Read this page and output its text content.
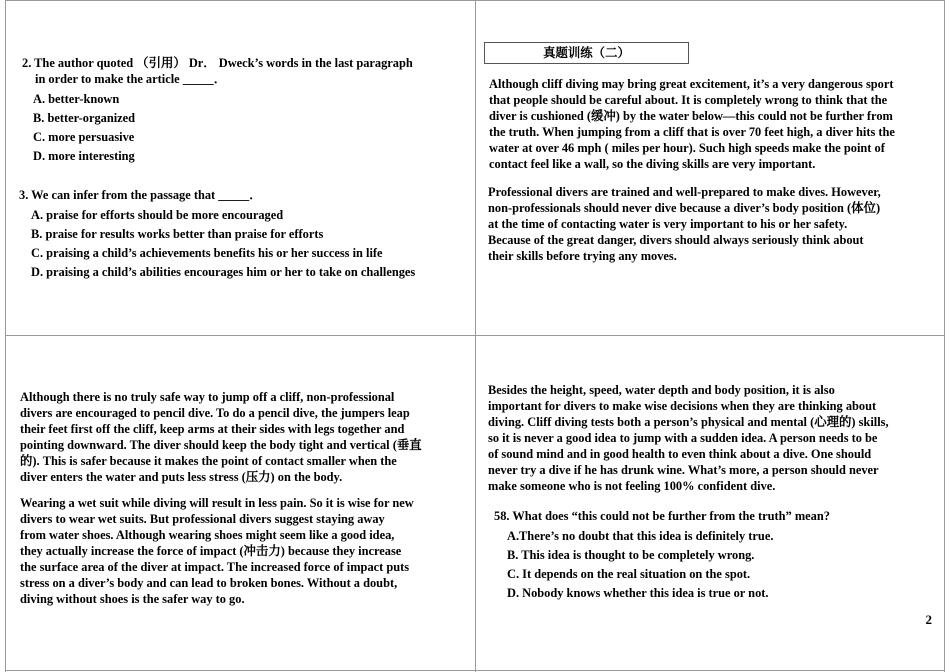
2. The author quoted （引用） Dr． Dweck’s words in the last paragraph
in order to make the article _____．
A. better-known
B. better-organized
C. more persuasive
D. more interesting
3. We can infer from the passage that _____．
A. praise for efforts should be more encouraged
B. praise for results works better than praise for efforts
C. praising a child’s achievements benefits his or her success in life
D. praising a child’s abilities encourages him or her to take on challenges
真题训练（二）
Although cliff diving may bring great excitement, it’s a very dangerous sport
that people should be careful about. It is completely wrong to think that the
diver is cushioned (缓冲) by the water below—this could not be further from
the truth. When jumping from a cliff that is over 70 feet high, a diver hits the
water at over 46 mph ( miles per hour). Such high speeds make the point of
contact feel like a wall, so the diving skills are very important.
Professional divers are trained and well-prepared to make dives. However,
non-professionals should never dive because a diver’s body position (体位)
at the time of contacting water is very important to his or her safety.
Because of the great danger, divers should always seriously think about
their skills before trying any moves.
Although there is no truly safe way to jump off a cliff, non-professional
divers are encouraged to pencil dive. To do a pencil dive, the jumpers leap
their feet first off the cliff, keep arms at their sides with legs together and
pointing downward. The diver should keep the body tight and vertical (垂直
的). This is safer because it makes the point of contact smaller when the
diver enters the water and puts less stress (压力) on the body.
Wearing a wet suit while diving will result in less pain. So it is wise for new
divers to wear wet suits. But professional divers suggest staying away
from water shoes. Although wearing shoes might seem like a good idea,
they actually increase the force of impact (冲击力) because they increase
the surface area of the diver at impact. The increased force of impact puts
stress on a diver’s body and can lead to broken bones. Without a doubt,
diving without shoes is the safer way to go.
Besides the height, speed, water depth and body position, it is also
important for divers to make wise decisions when they are thinking about
diving. Cliff diving tests both a person’s physical and mental (心理的) skills,
so it is never a good idea to jump with a sudden idea. A person needs to be
of sound mind and in good health to even think about a dive. One should
never try a dive if he has drunk wine. What’s more, a person should never
make someone who is not feeling 100% confident dive.
58. What does “this could not be further from the truth” mean?
A.There’s no doubt that this idea is definitely true.
B. This idea is thought to be completely wrong.
C. It depends on the real situation on the spot.
D. Nobody knows whether this idea is true or not.
2
